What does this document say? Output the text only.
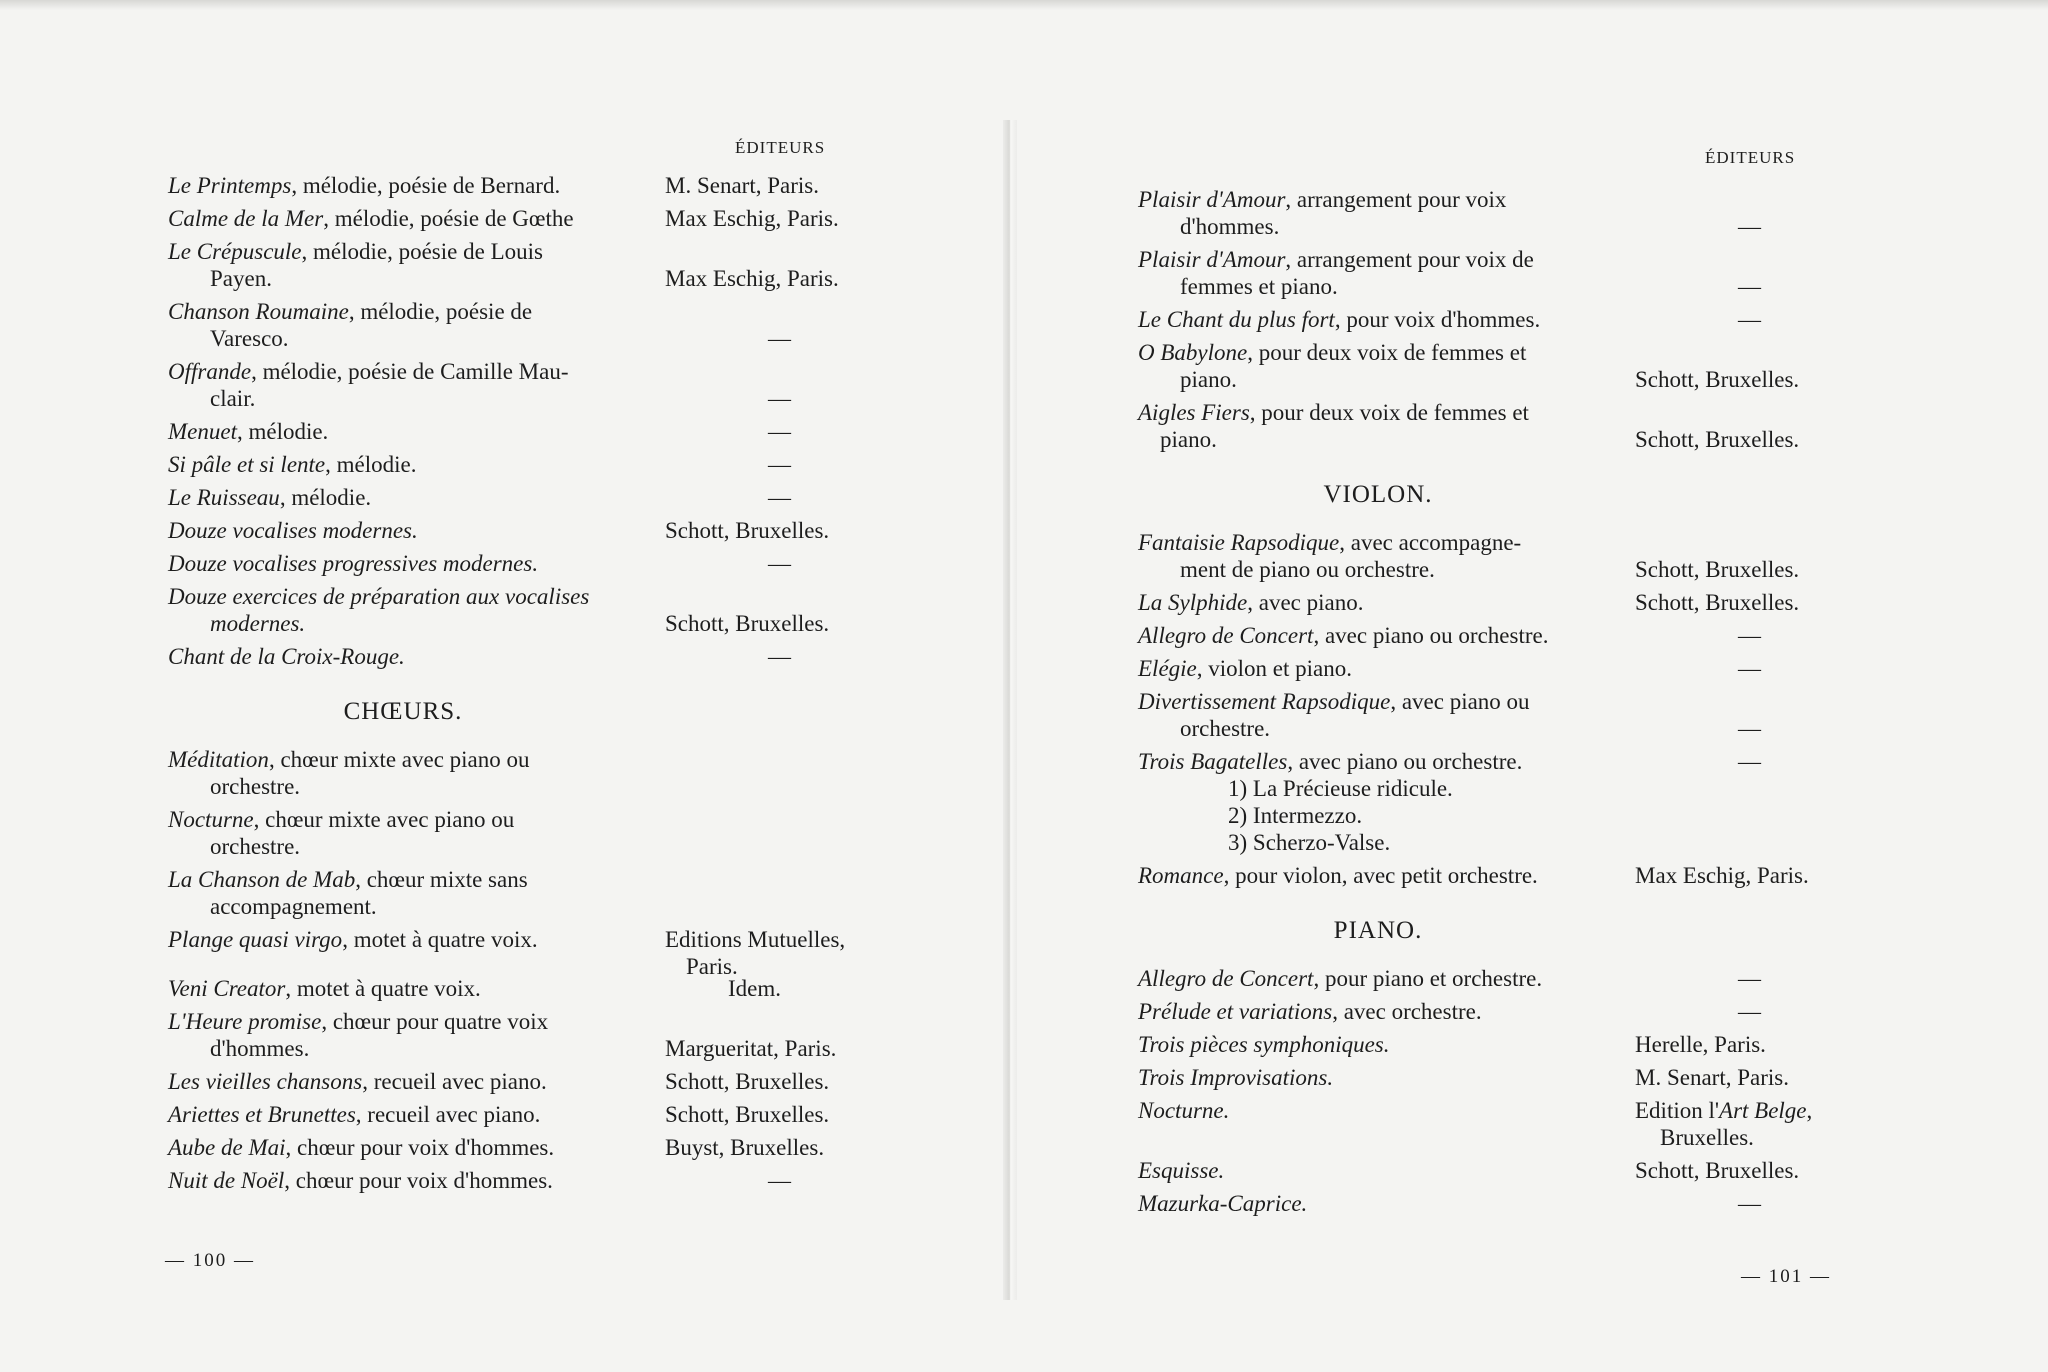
ÉDITEURS
Le Printemps, mélodie, poésie de Bernard.	M. Senart, Paris.
Calme de la Mer, mélodie, poésie de Gœthe	Max Eschig, Paris.
Le Crépuscule, mélodie, poésie de Louis
Payen.	Max Eschig, Paris.
Chanson Roumaine, mélodie, poésie de
Varesco.	—
Offrande, mélodie, poésie de Camille Mau-
clair.	—
Menuet, mélodie.	—
Si pâle et si lente, mélodie.	—
Le Ruisseau, mélodie.	—
Douze vocalises modernes.	Schott, Bruxelles.
Douze vocalises progressives modernes.	—
Douze exercices de préparation aux vocalises
modernes.	Schott, Bruxelles.
Chant de la Croix-Rouge.	—
CHŒURS.
Méditation, chœur mixte avec piano ou
orchestre.
Nocturne, chœur mixte avec piano ou
orchestre.
La Chanson de Mab, chœur mixte sans
accompagnement.
Plange quasi virgo, motet à quatre voix.	Editions Mutuelles,
Paris.
Veni Creator, motet à quatre voix.	Idem.
L'Heure promise, chœur pour quatre voix
d'hommes.	Margueritat, Paris.
Les vieilles chansons, recueil avec piano.	Schott, Bruxelles.
Ariettes et Brunettes, recueil avec piano.	Schott, Bruxelles.
Aube de Mai, chœur pour voix d'hommes.	Buyst, Bruxelles.
Nuit de Noël, chœur pour voix d'hommes.	—
— 100 —
ÉDITEURS
Plaisir d'Amour, arrangement pour voix
d'hommes.	—
Plaisir d'Amour, arrangement pour voix de
femmes et piano.	—
Le Chant du plus fort, pour voix d'hommes.	—
O Babylone, pour deux voix de femmes et
piano.	Schott, Bruxelles.
Aigles Fiers, pour deux voix de femmes et
piano.	Schott, Bruxelles.
VIOLON.
Fantaisie Rapsodique, avec accompagne-
ment de piano ou orchestre.	Schott, Bruxelles.
La Sylphide, avec piano.	Schott, Bruxelles.
Allegro de Concert, avec piano ou orchestre.	—
Elégie, violon et piano.	—
Divertissement Rapsodique, avec piano ou
orchestre.	—
Trois Bagatelles, avec piano ou orchestre.	—
1) La Précieuse ridicule.
2) Intermezzo.
3) Scherzo-Valse.
Romance, pour violon, avec petit orchestre.	Max Eschig, Paris.
PIANO.
Allegro de Concert, pour piano et orchestre.	—
Prélude et variations, avec orchestre.	—
Trois pièces symphoniques.	Herelle, Paris.
Trois Improvisations.	M. Senart, Paris.
Nocturne.	Edition l'Art Belge,
Bruxelles.
Esquisse.	Schott, Bruxelles.
Mazurka-Caprice.	—
— 101 —
